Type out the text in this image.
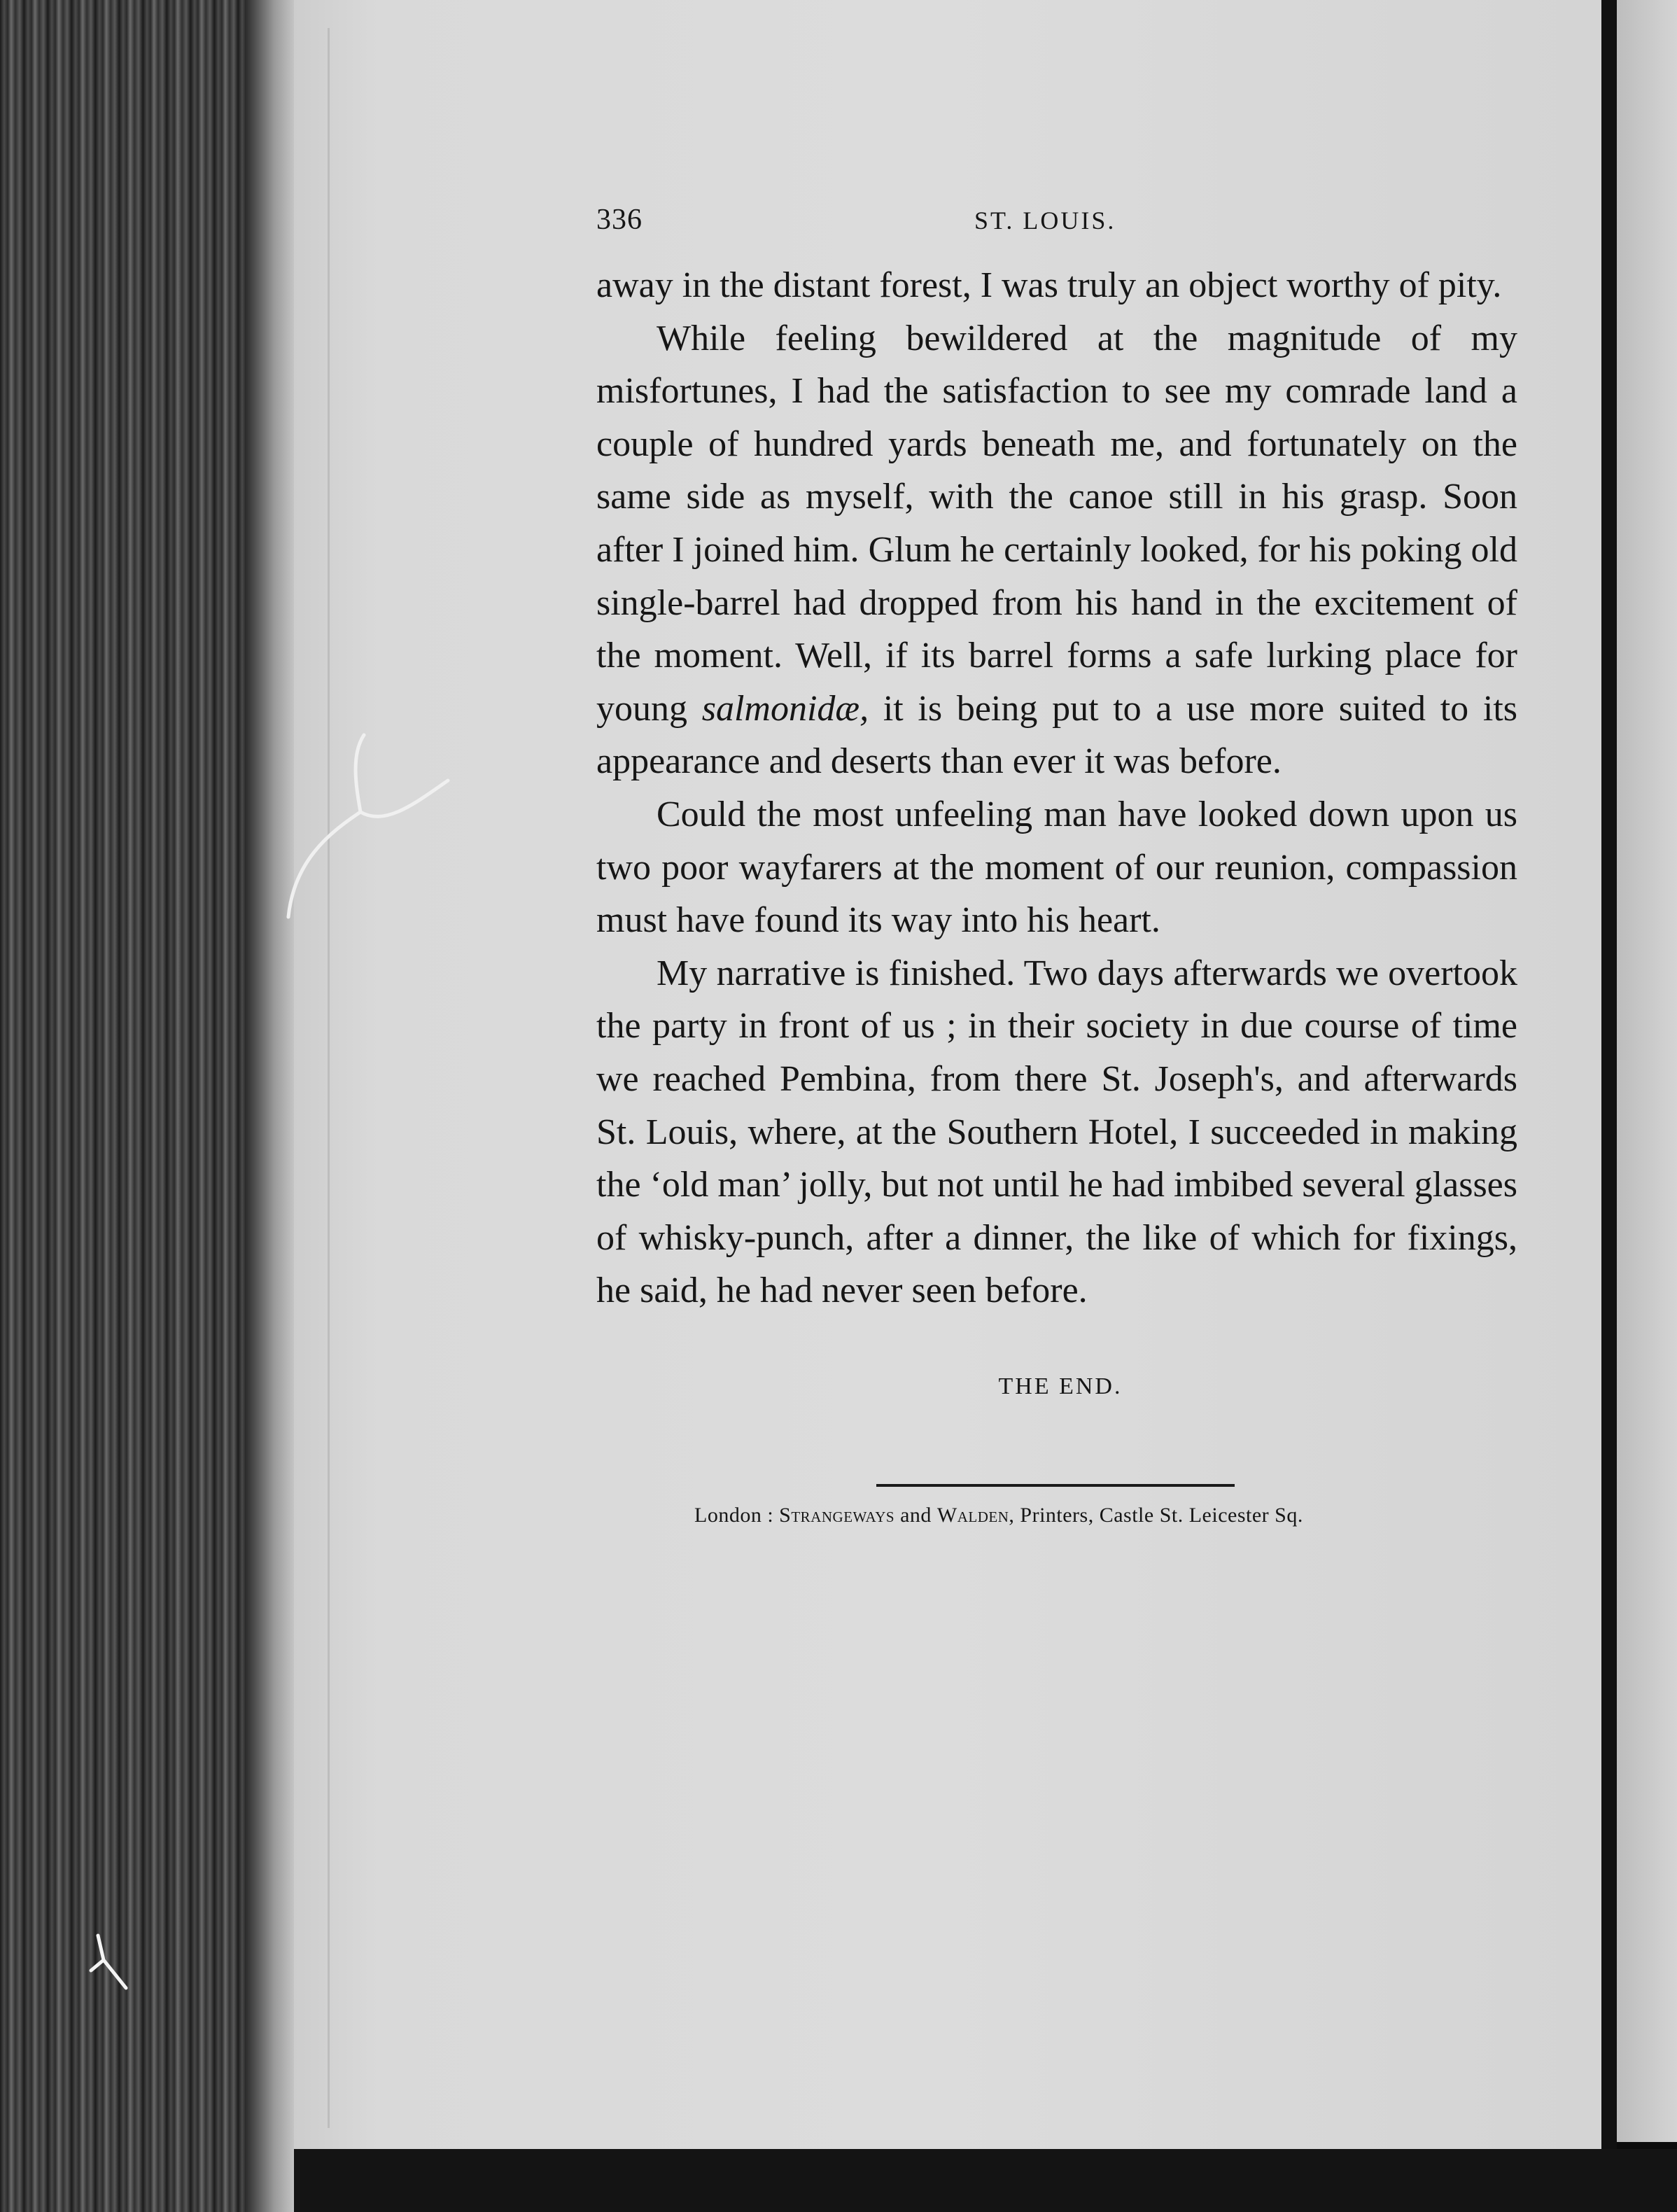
336	ST. LOUIS.

away in the distant forest, I was truly an object worthy of pity.

While feeling bewildered at the magnitude of my misfortunes, I had the satisfaction to see my comrade land a couple of hundred yards beneath me, and fortunately on the same side as myself, with the canoe still in his grasp. Soon after I joined him. Glum he certainly looked, for his poking old single-barrel had dropped from his hand in the excitement of the moment. Well, if its barrel forms a safe lurking place for young salmonidæ, it is being put to a use more suited to its appearance and deserts than ever it was before.

Could the most unfeeling man have looked down upon us two poor wayfarers at the moment of our reunion, compassion must have found its way into his heart.

My narrative is finished. Two days afterwards we overtook the party in front of us ; in their society in due course of time we reached Pembina, from there St. Joseph's, and afterwards St. Louis, where, at the Southern Hotel, I succeeded in making the ‘old man’ jolly, but not until he had imbibed several glasses of whisky-punch, after a dinner, the like of which for fixings, he said, he had never seen before.

THE END.
London : Strangeways and Walden, Printers, Castle St. Leicester Sq.
